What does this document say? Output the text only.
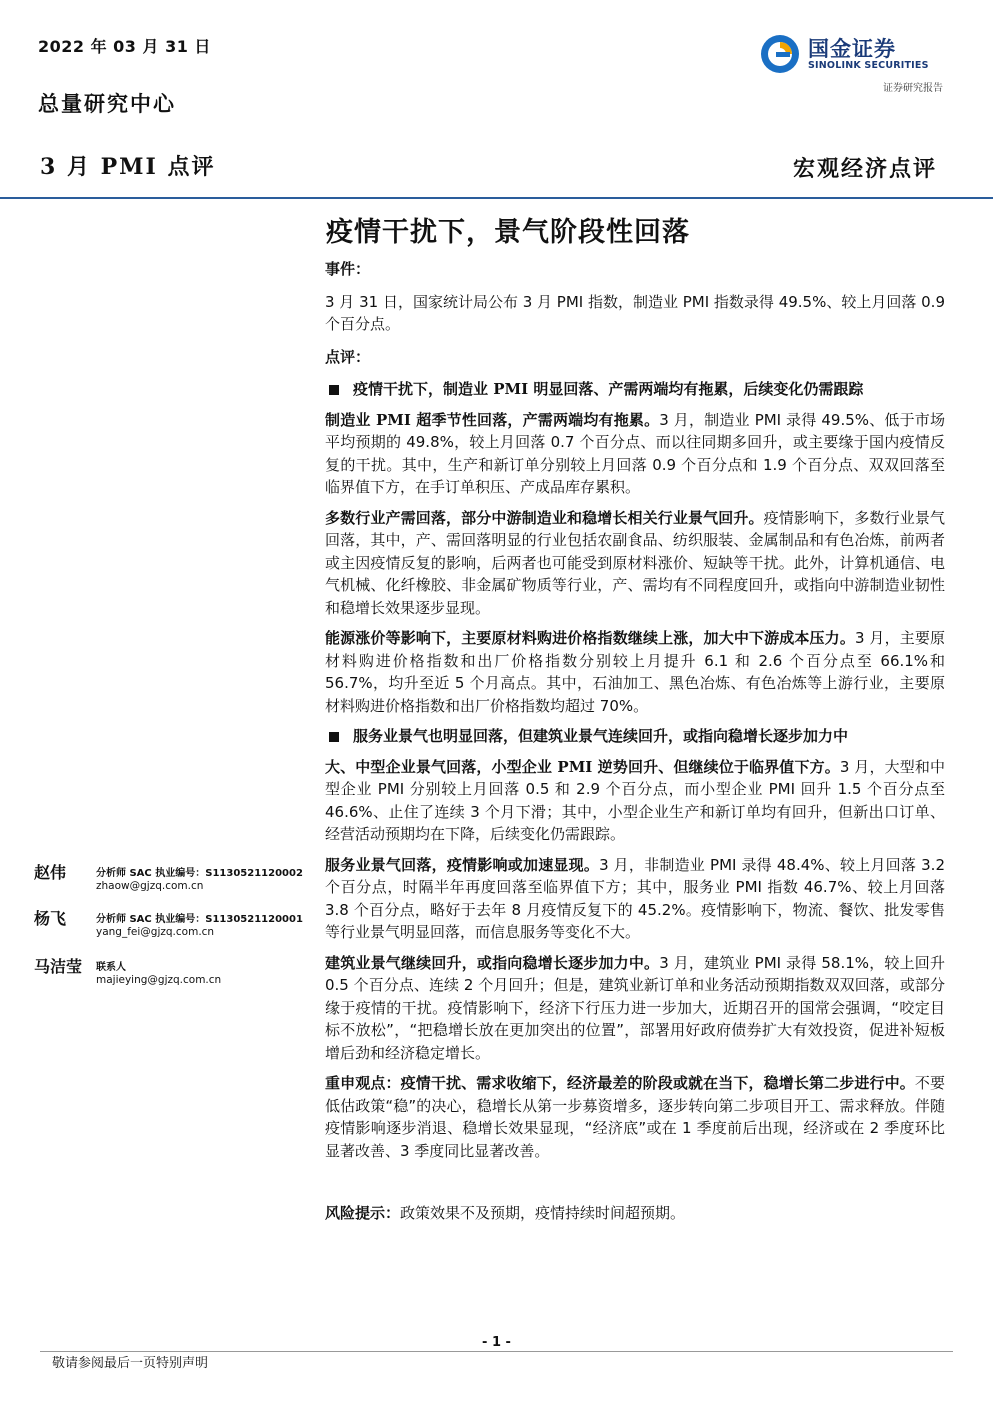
2022 年 03 月 31 日
总量研究中心
3 月 PMI 点评	宏观经济点评
国金证券
SINOLINK SECURITIES
证券研究报告
疫情干扰下，景气阶段性回落

事件：

3 月 31 日，国家统计局公布 3 月 PMI 指数，制造业 PMI 指数录得 49.5%、较上月回落 0.9 个百分点。

点评：

疫情干扰下，制造业 PMI 明显回落、产需两端均有拖累，后续变化仍需跟踪

制造业 PMI 超季节性回落，产需两端均有拖累。3 月，制造业 PMI 录得 49.5%、低于市场平均预期的 49.8%，较上月回落 0.7 个百分点、而以往同期多回升，或主要缘于国内疫情反复的干扰。其中，生产和新订单分别较上月回落 0.9 个百分点和 1.9 个百分点、双双回落至临界值下方，在手订单积压、产成品库存累积。

多数行业产需回落，部分中游制造业和稳增长相关行业景气回升。疫情影响下，多数行业景气回落，其中，产、需回落明显的行业包括农副食品、纺织服装、金属制品和有色冶炼，前两者或主因疫情反复的影响，后两者也可能受到原材料涨价、短缺等干扰。此外，计算机通信、电气机械、化纤橡胶、非金属矿物质等行业，产、需均有不同程度回升，或指向中游制造业韧性和稳增长效果逐步显现。

能源涨价等影响下，主要原材料购进价格指数继续上涨，加大中下游成本压力。3 月，主要原材料购进价格指数和出厂价格指数分别较上月提升 6.1 和 2.6 个百分点至 66.1%和 56.7%，均升至近 5 个月高点。其中，石油加工、黑色冶炼、有色冶炼等上游行业，主要原材料购进价格指数和出厂价格指数均超过 70%。

服务业景气也明显回落，但建筑业景气连续回升，或指向稳增长逐步加力中

大、中型企业景气回落，小型企业 PMI 逆势回升、但继续位于临界值下方。3 月，大型和中型企业 PMI 分别较上月回落 0.5 和 2.9 个百分点，而小型企业 PMI 回升 1.5 个百分点至 46.6%、止住了连续 3 个月下滑；其中，小型企业生产和新订单均有回升，但新出口订单、经营活动预期均在下降，后续变化仍需跟踪。

服务业景气回落，疫情影响或加速显现。3 月，非制造业 PMI 录得 48.4%、较上月回落 3.2 个百分点，时隔半年再度回落至临界值下方；其中，服务业 PMI 指数 46.7%、较上月回落 3.8 个百分点，略好于去年 8 月疫情反复下的 45.2%。疫情影响下，物流、餐饮、批发零售等行业景气明显回落，而信息服务等变化不大。

建筑业景气继续回升，或指向稳增长逐步加力中。3 月，建筑业 PMI 录得 58.1%，较上回升 0.5 个百分点、连续 2 个月回升；但是，建筑业新订单和业务活动预期指数双双回落，或部分缘于疫情的干扰。疫情影响下，经济下行压力进一步加大，近期召开的国常会强调，“咬定目标不放松”，“把稳增长放在更加突出的位置”，部署用好政府债券扩大有效投资，促进补短板增后劲和经济稳定增长。

重申观点：疫情干扰、需求收缩下，经济最差的阶段或就在当下，稳增长第二步进行中。不要低估政策“稳”的决心，稳增长从第一步募资增多，逐步转向第二步项目开工、需求释放。伴随疫情影响逐步消退、稳增长效果显现，“经济底”或在 1 季度前后出现，经济或在 2 季度环比显著改善、3 季度同比显著改善。

风险提示：政策效果不及预期，疫情持续时间超预期。

赵伟	分析师 SAC 执业编号：S1130521120002
zhaow@gjzq.com.cn
杨飞	分析师 SAC 执业编号：S1130521120001
yang_fei@gjzq.com.cn
马洁莹 联系人
majieying@gjzq.com.cn
- 1 -
敬请参阅最后一页特别声明
